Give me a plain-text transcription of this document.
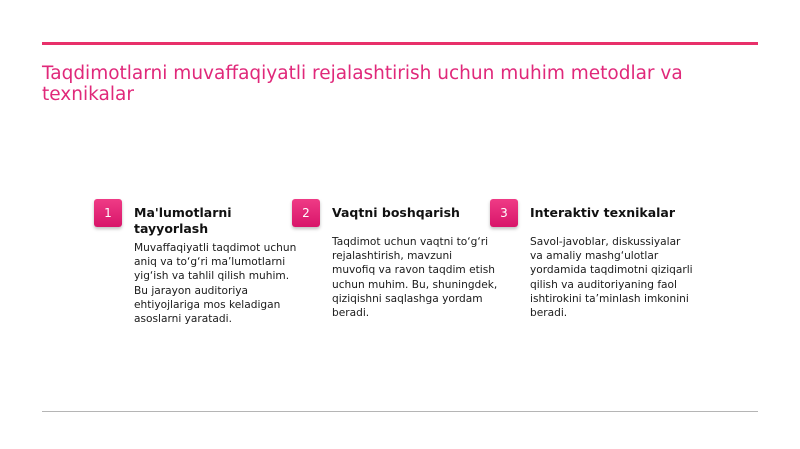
Taqdimotlarni muvaffaqiyatli rejalashtirish uchun muhim metodlar va texnikalar
1	Ma'lumotlarni tayyorlash

Muvaffaqiyatli taqdimot uchun aniq va to‘g‘ri ma’lumotlarni yig‘ish va tahlil qilish muhim. Bu jarayon auditoriya ehtiyojlariga mos keladigan asoslarni yaratadi.

2	Vaqtni boshqarish

Taqdimot uchun vaqtni to‘g‘ri rejalashtirish, mavzuni muvofiq va ravon taqdim etish uchun muhim. Bu, shuningdek, qiziqishni saqlashga yordam beradi.

3	Interaktiv texnikalar

Savol-javoblar, diskussiyalar va amaliy mashg‘ulotlar yordamida taqdimotni qiziqarli qilish va auditoriyaning faol ishtirokini ta’minlash imkonini beradi.
